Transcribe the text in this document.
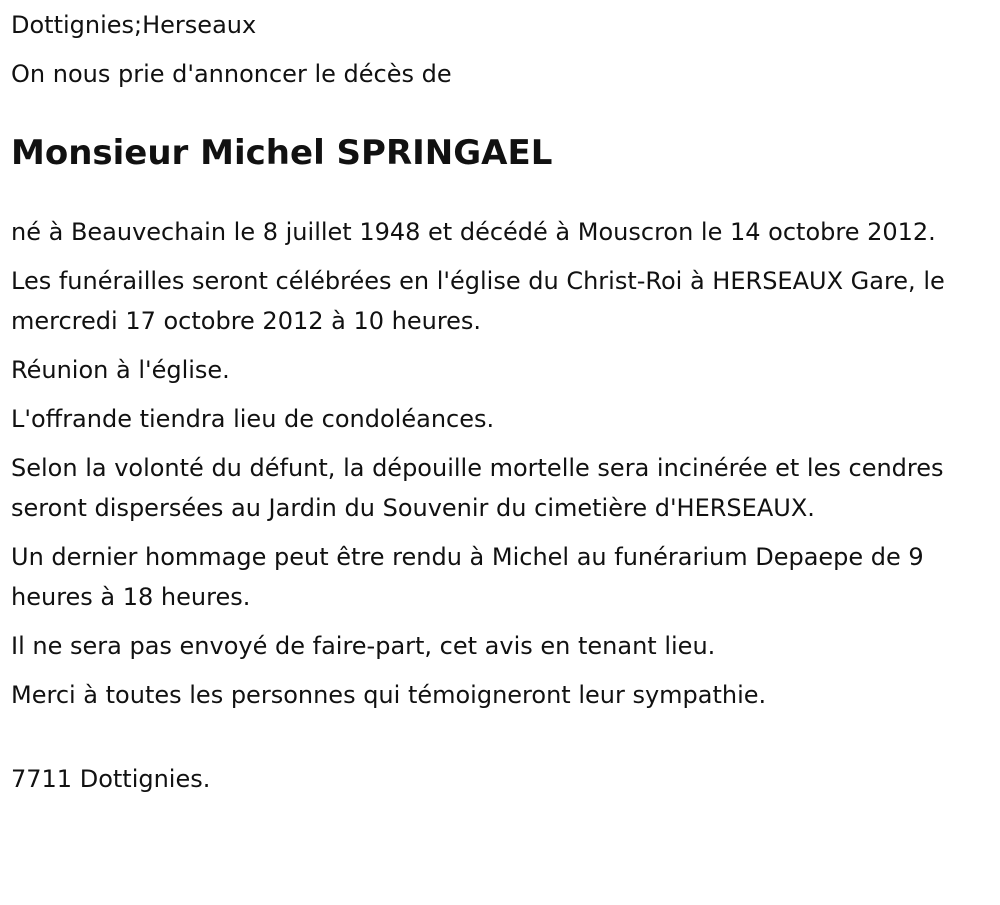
Dottignies;Herseaux

On nous prie d'annoncer le décès de

Monsieur Michel SPRINGAEL

né à Beauvechain le 8 juillet 1948 et décédé à Mouscron le 14 octobre 2012.

Les funérailles seront célébrées en l'église du Christ-Roi à HERSEAUX Gare, le mercredi 17 octobre 2012 à 10 heures.

Réunion à l'église.

L'offrande tiendra lieu de condoléances.

Selon la volonté du défunt, la dépouille mortelle sera incinérée et les cendres seront dispersées au Jardin du Souvenir du cimetière d'HERSEAUX.

Un dernier hommage peut être rendu à Michel au funérarium Depaepe de 9 heures à 18 heures.

Il ne sera pas envoyé de faire-part, cet avis en tenant lieu.

Merci à toutes les personnes qui témoigneront leur sympathie.

7711 Dottignies.
